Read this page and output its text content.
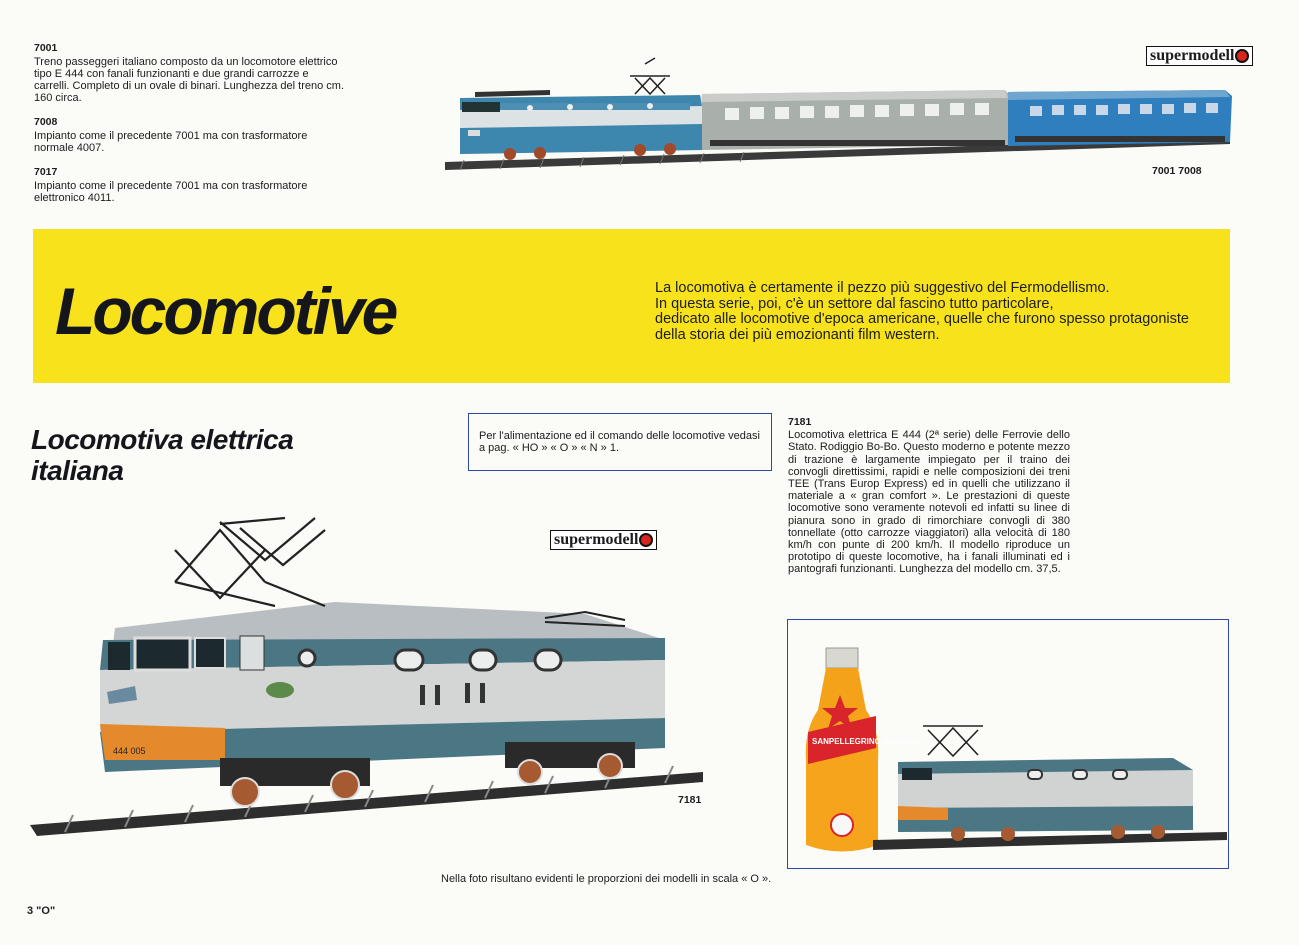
7001

Treno passeggeri italiano composto da un locomotore elettrico tipo E 444 con fanali funzionanti e due grandi carrozze e carrelli. Completo di un ovale di binari. Lunghezza del treno cm. 160 circa.

7008

Impianto come il precedente 7001 ma con trasformatore normale 4007.

7017

Impianto come il precedente 7001 ma con trasformatore elettronico 4011.

supermodell
7001 7008
Locomotive	La locomotiva è certamente il pezzo più suggestivo del Fermodellismo.
In questa serie, poi, c'è un settore dal fascino tutto particolare,
dedicato alle locomotive d'epoca americane, quelle che furono spesso protagoniste
della storia dei più emozionanti film western.
Locomotiva elettrica
italiana
Per l'alimentazione ed il comando delle locomotive vedasi a pag. « HO » « O » « N » 1.
supermodell
7181
Locomotiva elettrica E 444 (2ª serie) delle Ferrovie dello Stato. Rodiggio Bo-Bo. Questo moderno e potente mezzo di trazione è largamente impiegato per il traino dei convogli direttissimi, rapidi e nelle composizioni dei treni TEE (Trans Europ Express) ed in quelli che utilizzano il materiale a « gran comfort ». Le prestazioni di queste locomotive sono veramente notevoli ed infatti su linee di pianura sono in grado di rimorchiare convogli di 380 tonnellate (otto carrozze viaggiatori) alla velocità di 180 km/h con punte di 200 km/h. Il modello riproduce un prototipo di queste locomotive, ha i fanali illuminati ed i pantografi funzionanti. Lunghezza del modello cm. 37,5.
444 005
7181
SANPELLEGRINO Aranciata
Nella foto risultano evidenti le proporzioni dei modelli in scala « O ».
3 "O"
